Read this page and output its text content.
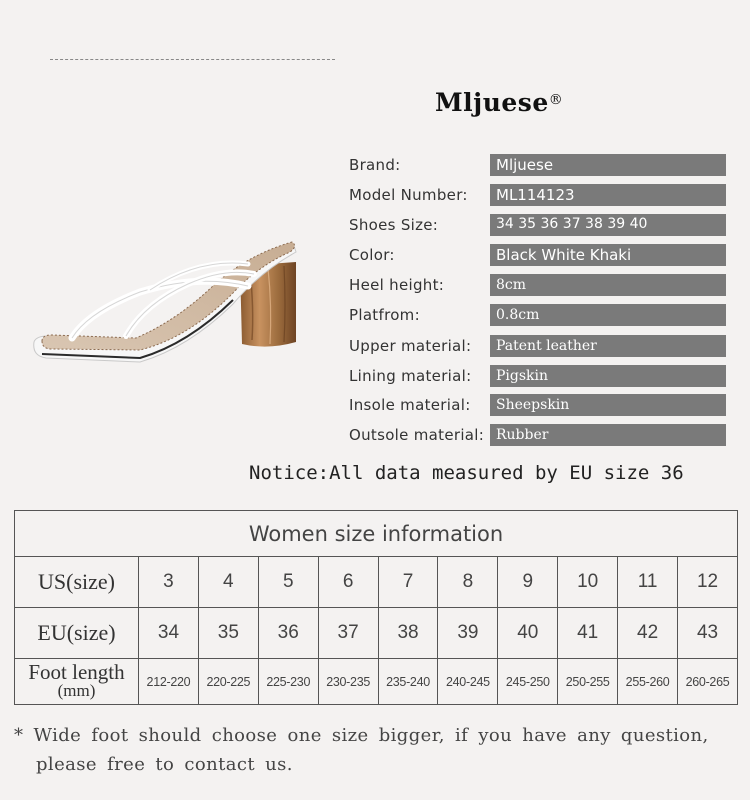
Mljuese®
Brand:	Mljuese
Model Number: ML114123
Shoes Size:	34 35 36 37 38 39 40
Color:	Black White Khaki
Heel height:	8cm
Platfrom:	0.8cm
Upper material: Patent leather
Lining material: Pigskin
Insole material: Sheepskin
Outsole material: Rubber
Notice:All data measured by EU size 36
Women size information										
US(size)	3	4	5	6	7	8	9	10	11	12
EU(size)	34	35	36	37	38	39	40	41	42	43
Foot length
(mm)	212-220	220-225	225-230	230-235	235-240	240-245	245-250	250-255	255-260	260-265
* Wide foot should choose one size bigger, if you have any question,
please free to contact us.
